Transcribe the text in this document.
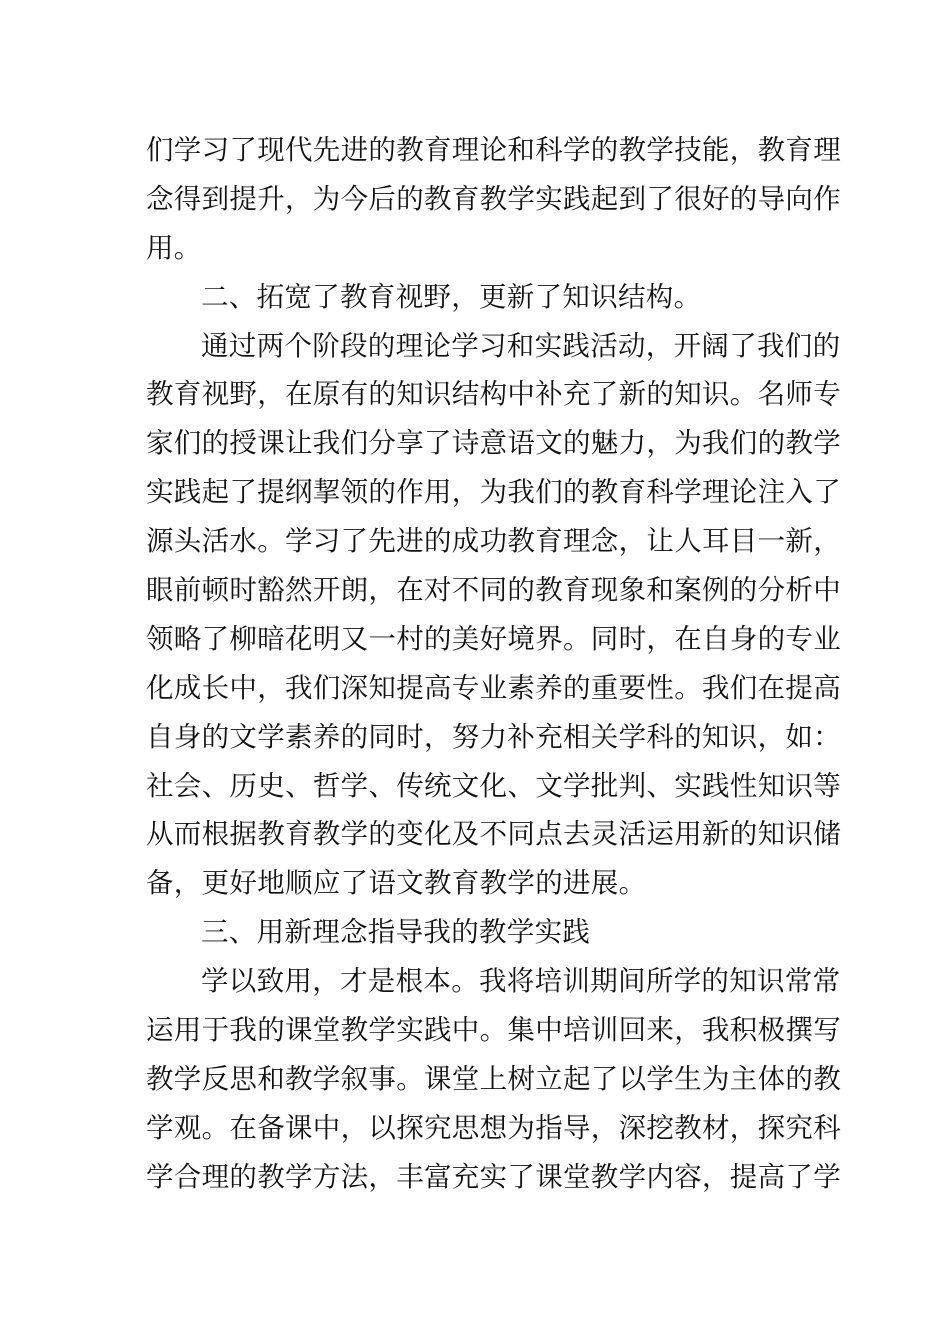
们学习了现代先进的教育理论和科学的教学技能，教育理
念得到提升，为今后的教育教学实践起到了很好的导向作
用。
二、拓宽了教育视野，更新了知识结构。
通过两个阶段的理论学习和实践活动，开阔了我们的
教育视野，在原有的知识结构中补充了新的知识。名师专
家们的授课让我们分享了诗意语文的魅力，为我们的教学
实践起了提纲挈领的作用，为我们的教育科学理论注入了
源头活水。学习了先进的成功教育理念，让人耳目一新，
眼前顿时豁然开朗，在对不同的教育现象和案例的分析中
领略了柳暗花明又一村的美好境界。同时，在自身的专业
化成长中，我们深知提高专业素养的重要性。我们在提高
自身的文学素养的同时，努力补充相关学科的知识，如：
社会、历史、哲学、传统文化、文学批判、实践性知识等
从而根据教育教学的变化及不同点去灵活运用新的知识储
备，更好地顺应了语文教育教学的进展。
三、用新理念指导我的教学实践
学以致用，才是根本。我将培训期间所学的知识常常
运用于我的课堂教学实践中。集中培训回来，我积极撰写
教学反思和教学叙事。课堂上树立起了以学生为主体的教
学观。在备课中，以探究思想为指导，深挖教材，探究科
学合理的教学方法，丰富充实了课堂教学内容，提高了学
